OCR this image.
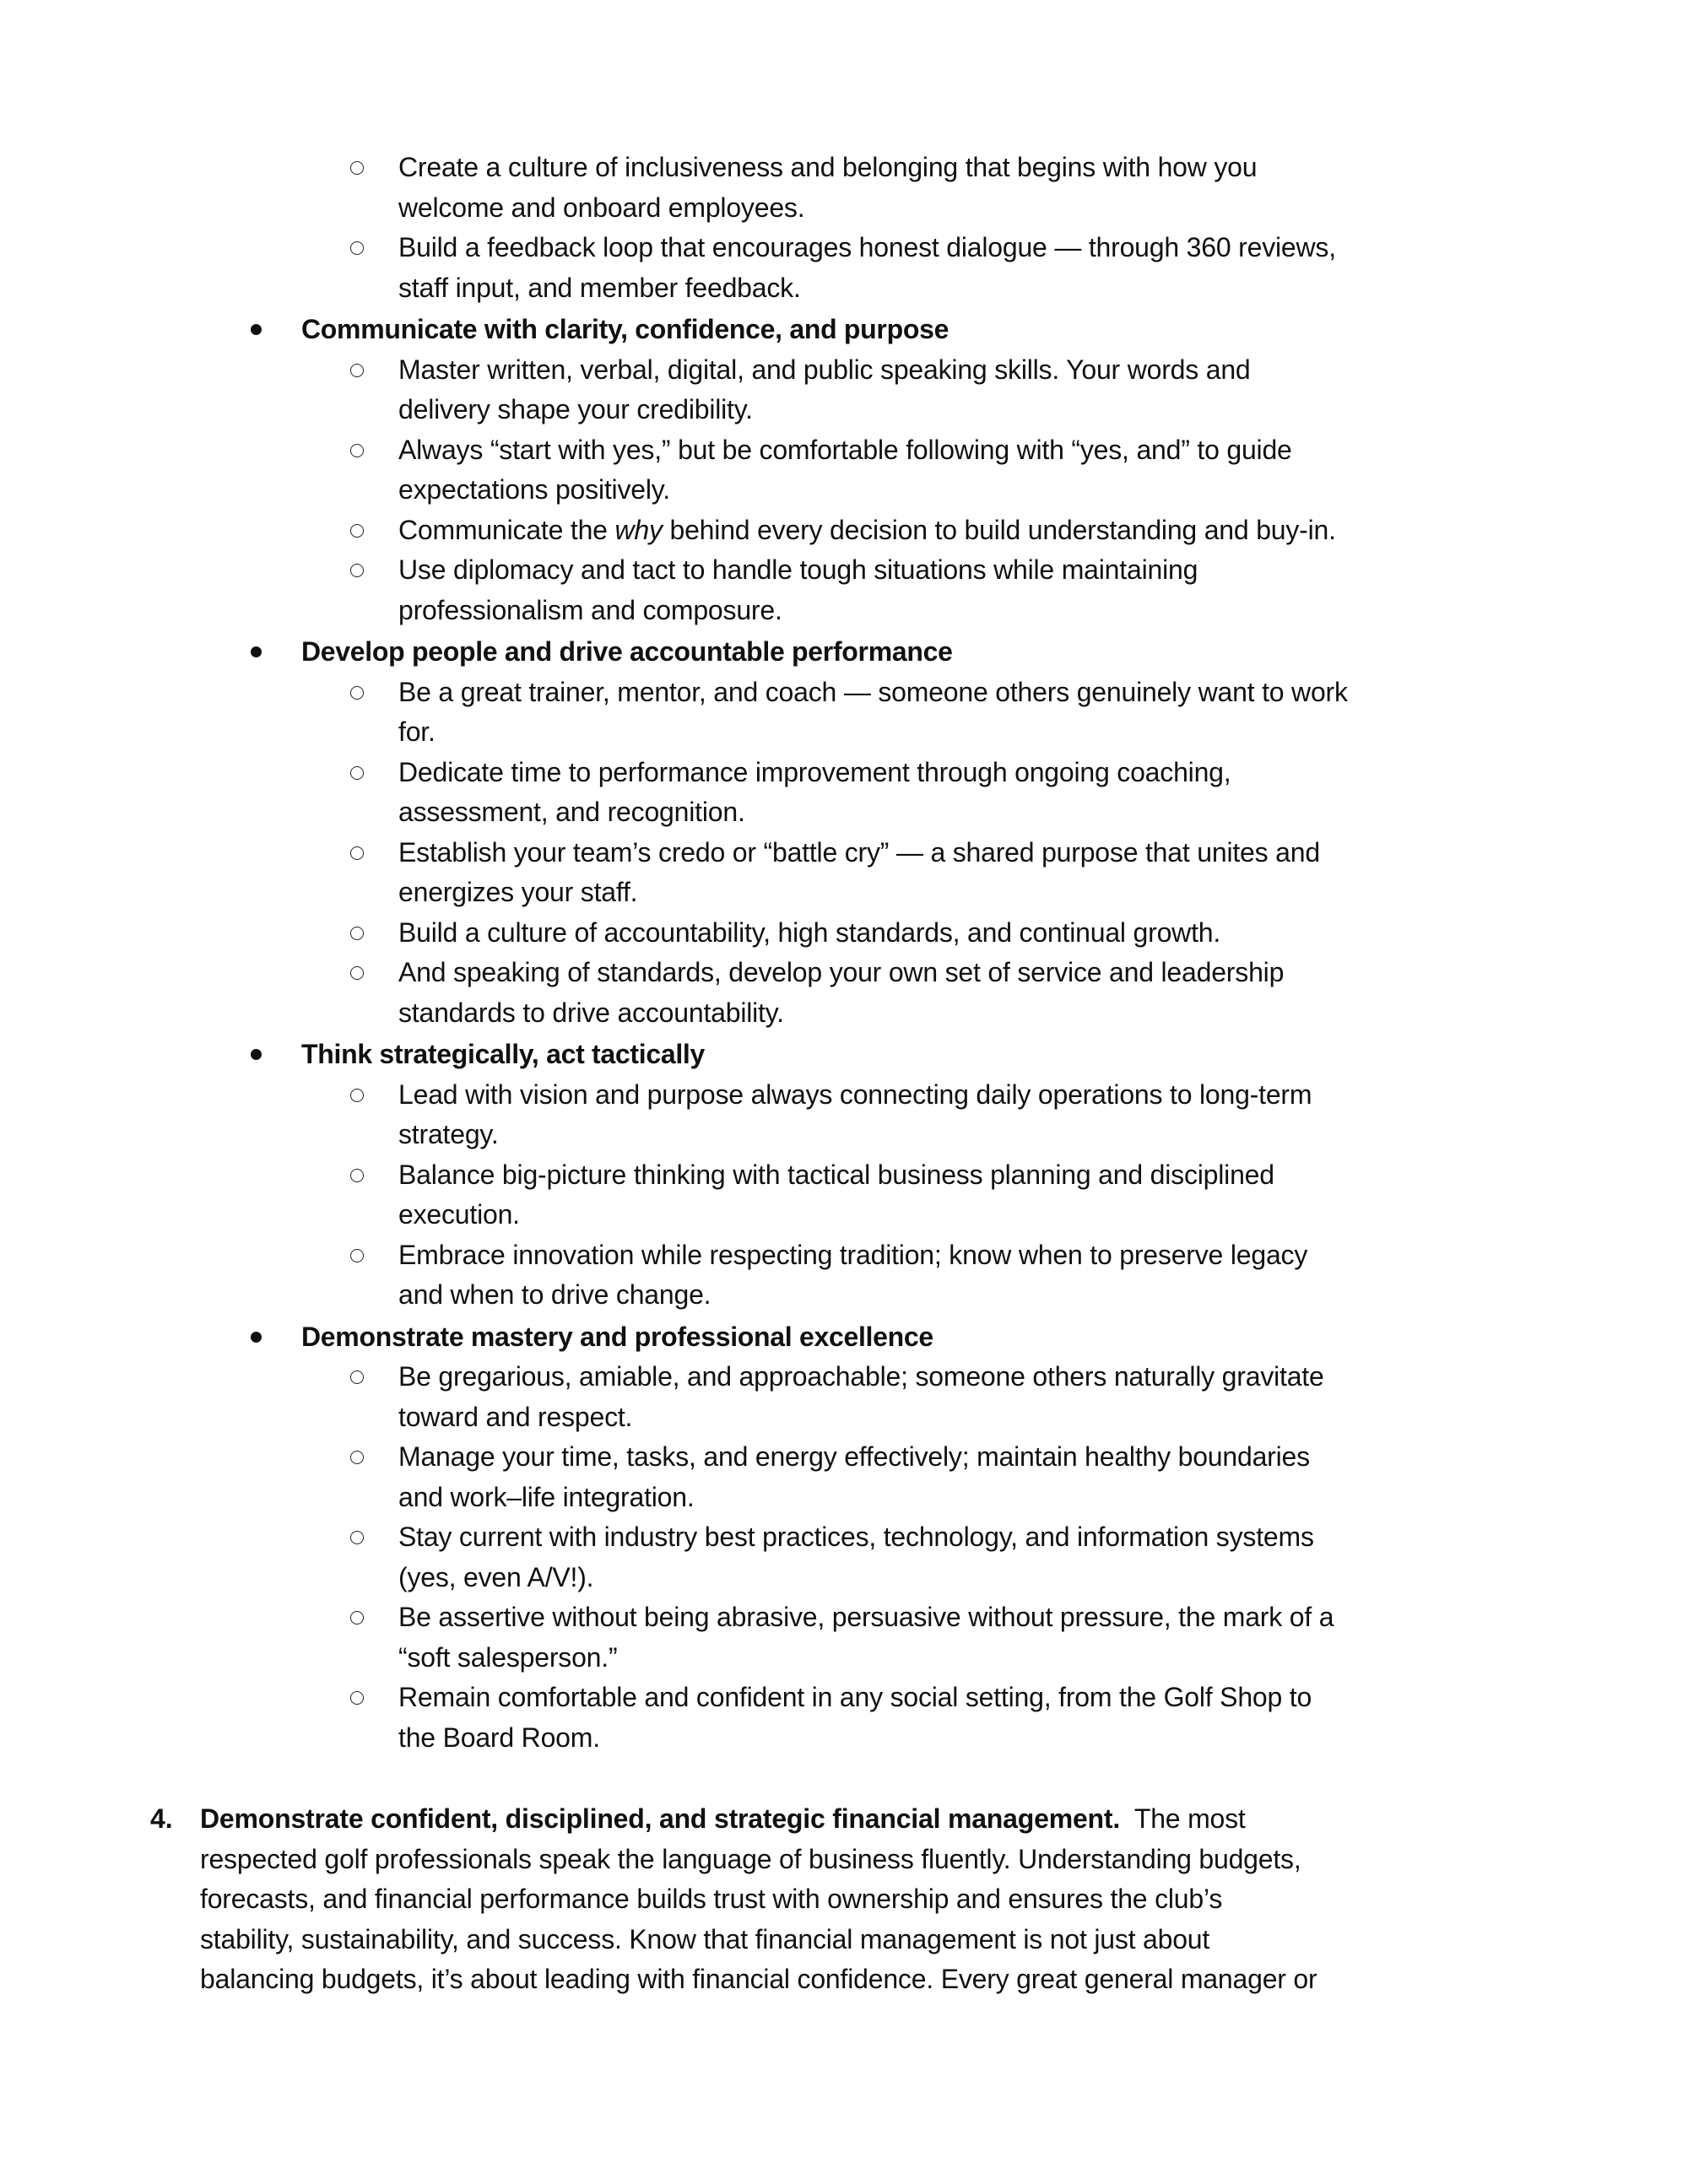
Create a culture of inclusiveness and belonging that begins with how you
welcome and onboard employees.
Build a feedback loop that encourages honest dialogue — through 360 reviews,
staff input, and member feedback.
Communicate with clarity, confidence, and purpose
Master written, verbal, digital, and public speaking skills. Your words and
delivery shape your credibility.
Always “start with yes,” but be comfortable following with “yes, and” to guide
expectations positively.
Communicate the why behind every decision to build understanding and buy-in.
Use diplomacy and tact to handle tough situations while maintaining
professionalism and composure.
Develop people and drive accountable performance
Be a great trainer, mentor, and coach — someone others genuinely want to work
for.
Dedicate time to performance improvement through ongoing coaching,
assessment, and recognition.
Establish your team’s credo or “battle cry” — a shared purpose that unites and
energizes your staff.
Build a culture of accountability, high standards, and continual growth.
And speaking of standards, develop your own set of service and leadership
standards to drive accountability.
Think strategically, act tactically
Lead with vision and purpose always connecting daily operations to long-term
strategy.
Balance big-picture thinking with tactical business planning and disciplined
execution.
Embrace innovation while respecting tradition; know when to preserve legacy
and when to drive change.
Demonstrate mastery and professional excellence
Be gregarious, amiable, and approachable; someone others naturally gravitate
toward and respect.
Manage your time, tasks, and energy effectively; maintain healthy boundaries
and work–life integration.
Stay current with industry best practices, technology, and information systems
(yes, even A/V!).
Be assertive without being abrasive, persuasive without pressure, the mark of a
“soft salesperson.”
Remain comfortable and confident in any social setting, from the Golf Shop to
the Board Room.
4.	Demonstrate confident, disciplined, and strategic financial management.  The most
respected golf professionals speak the language of business fluently. Understanding budgets,
forecasts, and financial performance builds trust with ownership and ensures the club’s
stability, sustainability, and success. Know that financial management is not just about
balancing budgets, it’s about leading with financial confidence. Every great general manager or
